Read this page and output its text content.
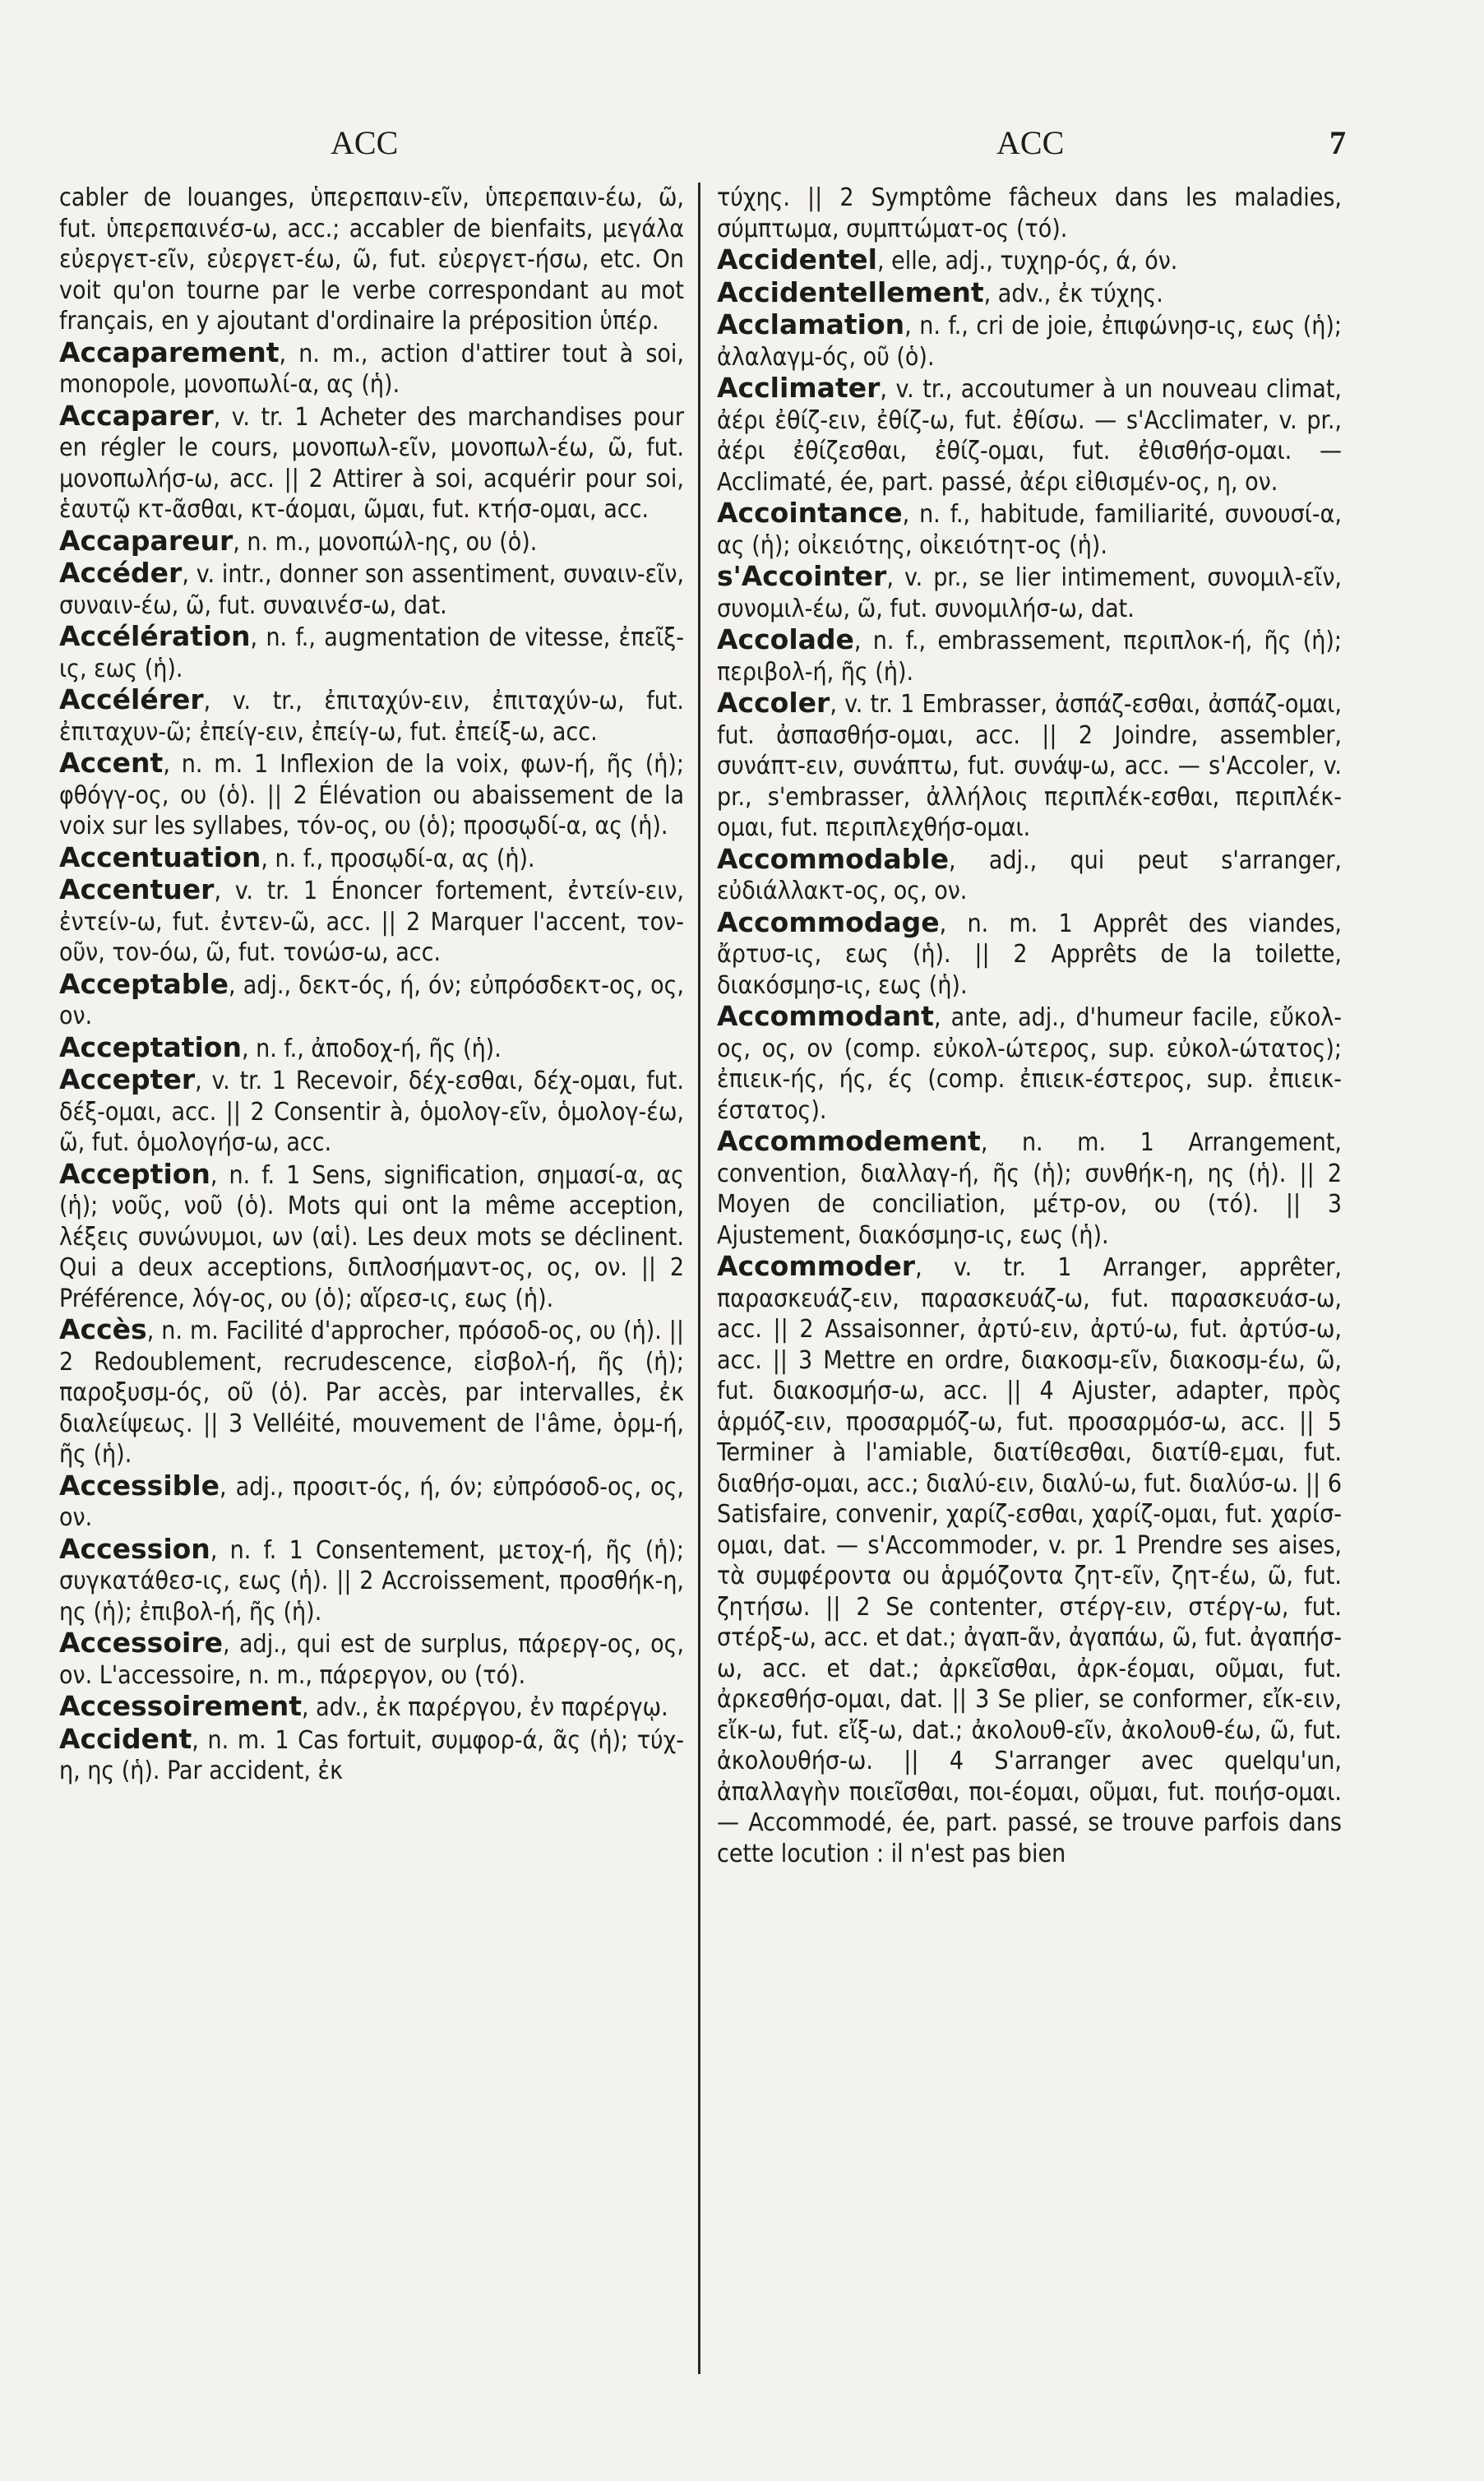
ACC	ACC	7

cabler de louanges, ὑπερεπαιν-εῖν, ὑπερεπαιν-έω, ῶ, fut. ὑπερεπαινέσ-ω, acc.; accabler de bienfaits, μεγάλα εὐεργετ-εῖν, εὐεργετ-έω, ῶ, fut. εὐεργετ-ήσω, etc. On voit qu'on tourne par le verbe correspondant au mot français, en y ajoutant d'ordinaire la préposition ὑπέρ.

Accaparement, n. m., action d'attirer tout à soi, monopole, μονοπωλί-α, ας (ἡ).

Accaparer, v. tr. 1 Acheter des marchandises pour en régler le cours, μονοπωλ-εῖν, μονοπωλ-έω, ῶ, fut. μονοπωλήσ-ω, acc. || 2 Attirer à soi, acquérir pour soi, ἑαυτῷ κτ-ᾶσθαι, κτ-άομαι, ῶμαι, fut. κτήσ-ομαι, acc.

Accapareur, n. m., μονοπώλ-ης, ου (ὁ).

Accéder, v. intr., donner son assentiment, συναιν-εῖν, συναιν-έω, ῶ, fut. συναινέσ-ω, dat.

Accélération, n. f., augmentation de vitesse, ἐπεῖξ-ις, εως (ἡ).

Accélérer, v. tr., ἐπιταχύν-ειν, ἐπιταχύν-ω, fut. ἐπιταχυν-ῶ; ἐπείγ-ειν, ἐπείγ-ω, fut. ἐπείξ-ω, acc.

Accent, n. m. 1 Inflexion de la voix, φων-ή, ῆς (ἡ); φθόγγ-ος, ου (ὁ). || 2 Élévation ou abaissement de la voix sur les syllabes, τόν-ος, ου (ὁ); προσῳδί-α, ας (ἡ).

Accentuation, n. f., προσῳδί-α, ας (ἡ).

Accentuer, v. tr. 1 Énoncer fortement, ἐντείν-ειν, ἐντείν-ω, fut. ἐντεν-ῶ, acc. || 2 Marquer l'accent, τον-οῦν, τον-όω, ῶ, fut. τονώσ-ω, acc.

Acceptable, adj., δεκτ-ός, ή, όν; εὐπρόσδεκτ-ος, ος, ον.

Acceptation, n. f., ἀποδοχ-ή, ῆς (ἡ).

Accepter, v. tr. 1 Recevoir, δέχ-εσθαι, δέχ-ομαι, fut. δέξ-ομαι, acc. || 2 Consentir à, ὁμολογ-εῖν, ὁμολογ-έω, ῶ, fut. ὁμολογήσ-ω, acc.

Acception, n. f. 1 Sens, signification, σημασί-α, ας (ἡ); νοῦς, νοῦ (ὁ). Mots qui ont la même acception, λέξεις συνώνυμοι, ων (αἱ). Les deux mots se déclinent. Qui a deux acceptions, διπλοσήμαντ-ος, ος, ον. || 2 Préférence, λόγ-ος, ου (ὁ); αἵρεσ-ις, εως (ἡ).

Accès, n. m. Facilité d'approcher, πρόσοδ-ος, ου (ἡ). || 2 Redoublement, recrudescence, εἰσβολ-ή, ῆς (ἡ); παροξυσμ-ός, οῦ (ὁ). Par accès, par intervalles, ἐκ διαλείψεως. || 3 Velléité, mouvement de l'âme, ὁρμ-ή, ῆς (ἡ).

Accessible, adj., προσιτ-ός, ή, όν; εὐπρόσοδ-ος, ος, ον.

Accession, n. f. 1 Consentement, μετοχ-ή, ῆς (ἡ); συγκατάθεσ-ις, εως (ἡ). || 2 Accroissement, προσθήκ-η, ης (ἡ); ἐπιβολ-ή, ῆς (ἡ).

Accessoire, adj., qui est de surplus, πάρεργ-ος, ος, ον. L'accessoire, n. m., πάρεργον, ου (τό).

Accessoirement, adv., ἐκ παρέργου, ἐν παρέργῳ.

Accident, n. m. 1 Cas fortuit, συμφορ-ά, ᾶς (ἡ); τύχ-η, ης (ἡ). Par accident, ἐκ

τύχης. || 2 Symptôme fâcheux dans les maladies, σύμπτωμα, συμπτώματ-ος (τό).

Accidentel, elle, adj., τυχηρ-ός, ά, όν.

Accidentellement, adv., ἐκ τύχης.

Acclamation, n. f., cri de joie, ἐπιφώνησ-ις, εως (ἡ); ἀλαλαγμ-ός, οῦ (ὁ).

Acclimater, v. tr., accoutumer à un nouveau climat, ἀέρι ἐθίζ-ειν, ἐθίζ-ω, fut. ἐθίσω. — s'Acclimater, v. pr., ἀέρι ἐθίζεσθαι, ἐθίζ-ομαι, fut. ἐθισθήσ-ομαι. — Acclimaté, ée, part. passé, ἀέρι εἰθισμέν-ος, η, ον.

Accointance, n. f., habitude, familiarité, συνουσί-α, ας (ἡ); οἰκειότης, οἰκειότητ-ος (ἡ).

s'Accointer, v. pr., se lier intimement, συνομιλ-εῖν, συνομιλ-έω, ῶ, fut. συνομιλήσ-ω, dat.

Accolade, n. f., embrassement, περιπλοκ-ή, ῆς (ἡ); περιβολ-ή, ῆς (ἡ).

Accoler, v. tr. 1 Embrasser, ἀσπάζ-εσθαι, ἀσπάζ-ομαι, fut. ἀσπασθήσ-ομαι, acc. || 2 Joindre, assembler, συνάπτ-ειν, συνάπτω, fut. συνάψ-ω, acc. — s'Accoler, v. pr., s'embrasser, ἀλλήλοις περιπλέκ-εσθαι, περιπλέκ-ομαι, fut. περιπλεχθήσ-ομαι.

Accommodable, adj., qui peut s'arranger, εὐδιάλλακτ-ος, ος, ον.

Accommodage, n. m. 1 Apprêt des viandes, ἄρτυσ-ις, εως (ἡ). || 2 Apprêts de la toilette, διακόσμησ-ις, εως (ἡ).

Accommodant, ante, adj., d'humeur facile, εὔκολ-ος, ος, ον (comp. εὐκολ-ώτερος, sup. εὐκολ-ώτατος); ἐπιεικ-ής, ής, ές (comp. ἐπιεικ-έστερος, sup. ἐπιεικ-έστατος).

Accommodement, n. m. 1 Arrangement, convention, διαλλαγ-ή, ῆς (ἡ); συνθήκ-η, ης (ἡ). || 2 Moyen de conciliation, μέτρ-ον, ου (τό). || 3 Ajustement, διακόσμησ-ις, εως (ἡ).

Accommoder, v. tr. 1 Arranger, apprêter, παρασκευάζ-ειν, παρασκευάζ-ω, fut. παρασκευάσ-ω, acc. || 2 Assaisonner, ἀρτύ-ειν, ἀρτύ-ω, fut. ἀρτύσ-ω, acc. || 3 Mettre en ordre, διακοσμ-εῖν, διακοσμ-έω, ῶ, fut. διακοσμήσ-ω, acc. || 4 Ajuster, adapter, πρὸς ἁρμόζ-ειν, προσαρμόζ-ω, fut. προσαρμόσ-ω, acc. || 5 Terminer à l'amiable, διατίθεσθαι, διατίθ-εμαι, fut. διαθήσ-ομαι, acc.; διαλύ-ειν, διαλύ-ω, fut. διαλύσ-ω. || 6 Satisfaire, convenir, χαρίζ-εσθαι, χαρίζ-ομαι, fut. χαρίσ-ομαι, dat. — s'Accommoder, v. pr. 1 Prendre ses aises, τὰ συμφέροντα ou ἁρμόζοντα ζητ-εῖν, ζητ-έω, ῶ, fut. ζητήσω. || 2 Se contenter, στέργ-ειν, στέργ-ω, fut. στέρξ-ω, acc. et dat.; ἀγαπ-ᾶν, ἀγαπάω, ῶ, fut. ἀγαπήσ-ω, acc. et dat.; ἀρκεῖσθαι, ἀρκ-έομαι, οῦμαι, fut. ἀρκεσθήσ-ομαι, dat. || 3 Se plier, se conformer, εἴκ-ειν, εἴκ-ω, fut. εἴξ-ω, dat.; ἀκολουθ-εῖν, ἀκολουθ-έω, ῶ, fut. ἀκολουθήσ-ω. || 4 S'arranger avec quelqu'un, ἀπαλλαγὴν ποιεῖσθαι, ποι-έομαι, οῦμαι, fut. ποιήσ-ομαι. — Accommodé, ée, part. passé, se trouve parfois dans cette locution : il n'est pas bien
